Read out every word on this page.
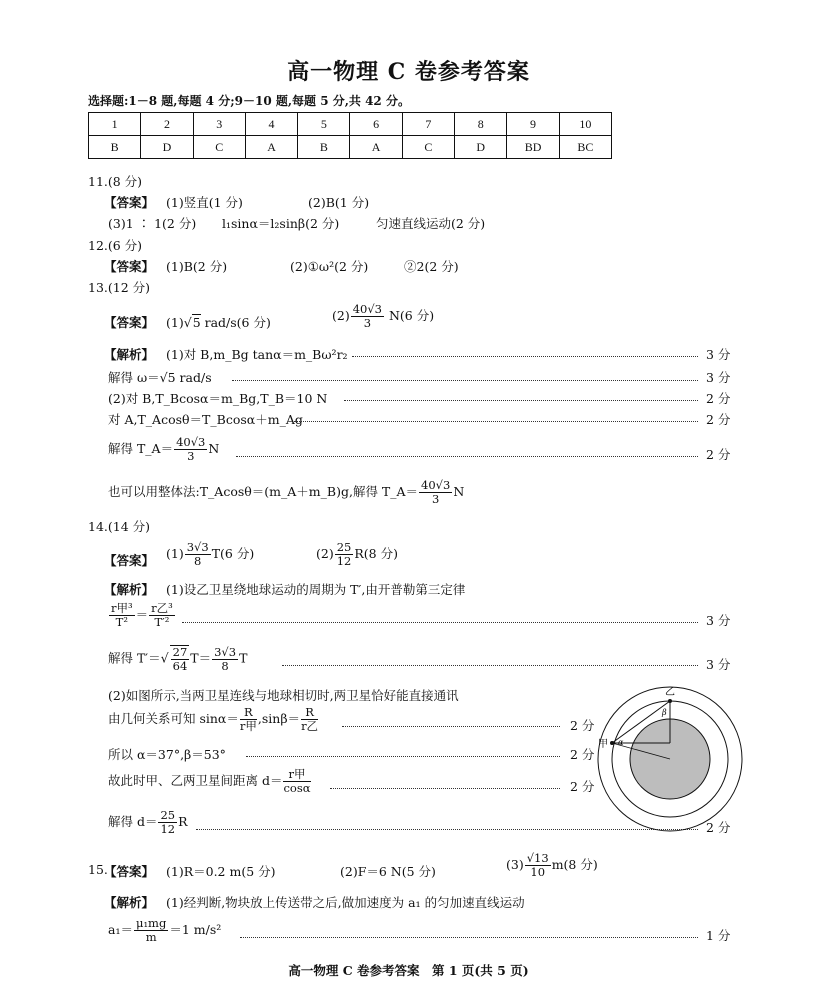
高一物理 C 卷参考答案
选择题:1－8 题,每题 4 分;9－10 题,每题 5 分,共 42 分。
1	2	3	4	5	6	7	8	9	10
B	D	C	A	B	A	C	D	BD	BC
11.(8 分)
【答案】 (1)竖直(1 分)	(2)B(1 分)
(3)1 ∶ 1(2 分) l₁sinα＝l₂sinβ(2 分)	匀速直线运动(2 分)
12.(6 分)
【答案】 (1)B(2 分)	(2)①ω²(2 分)	②2(2 分)
13.(12 分)
【答案】 (1)√5 rad/s(6 分)	$(2) \frac{40√3}{3} N(6$ 分)
【解析】 (1)对 B,m_Bg tanα＝m_Bω²r₂	3 分
解得 ω＝√5 rad/s	3 分
(2)对 B,T_Bcosα＝m_Bg,T_B＝10 N	2 分
对 A,T_Acosθ＝T_Bcosα＋m_Ag	2 分
解得 T_A＝ $\frac{40√3}{3}$ N	2 分
也可以用整体法:T_Acosθ＝(m_A＋m_B)g,解得 T_A＝ $\frac{40√3}{3}$ N
14.(14 分)
【答案】 $(1) \frac{3√3}{8} T(6$ 分)	$(2) \frac{25}{12} R(8$ 分)
【解析】 (1)设乙卫星绕地球运动的周期为 T′,由开普勒第三定律
$\frac{\text{r甲³}}{\text{T²}} = \frac{\text{r乙³}}{\text{T′²}}$	3 分
解得 $T'=√ \frac{27}{64} T= \frac{3√3}{8}$ T	3 分
(2)如图所示,当两卫星连线与地球相切时,两卫星恰好能直接通讯
由几何关系可知 $\sin\alpha= \frac{R}{\text{r甲}} ,\sin\beta= \frac{R}{\text{r乙}}$	2 分
所以 α＝37°,β＝53°	2 分
故此时甲、乙两卫星间距离 $d= \frac{\text{r甲}}{\cos\alpha}$	2 分
解得 $d= \frac{25}{12}$ R	2 分
乙
甲 α
β
15.
【答案】 (1)R＝0.2 m(5 分)	(2)F＝6 N(5 分)	$(3) \frac{√13}{10} m(8$ 分)
【解析】 (1)经判断,物块放上传送带之后,做加速度为 a₁ 的匀加速直线运动
$a_1= \frac{\text{μ₁mg}}{m} =1$ m/s²	1 分
高一物理 C 卷参考答案　第 1 页(共 5 页)
